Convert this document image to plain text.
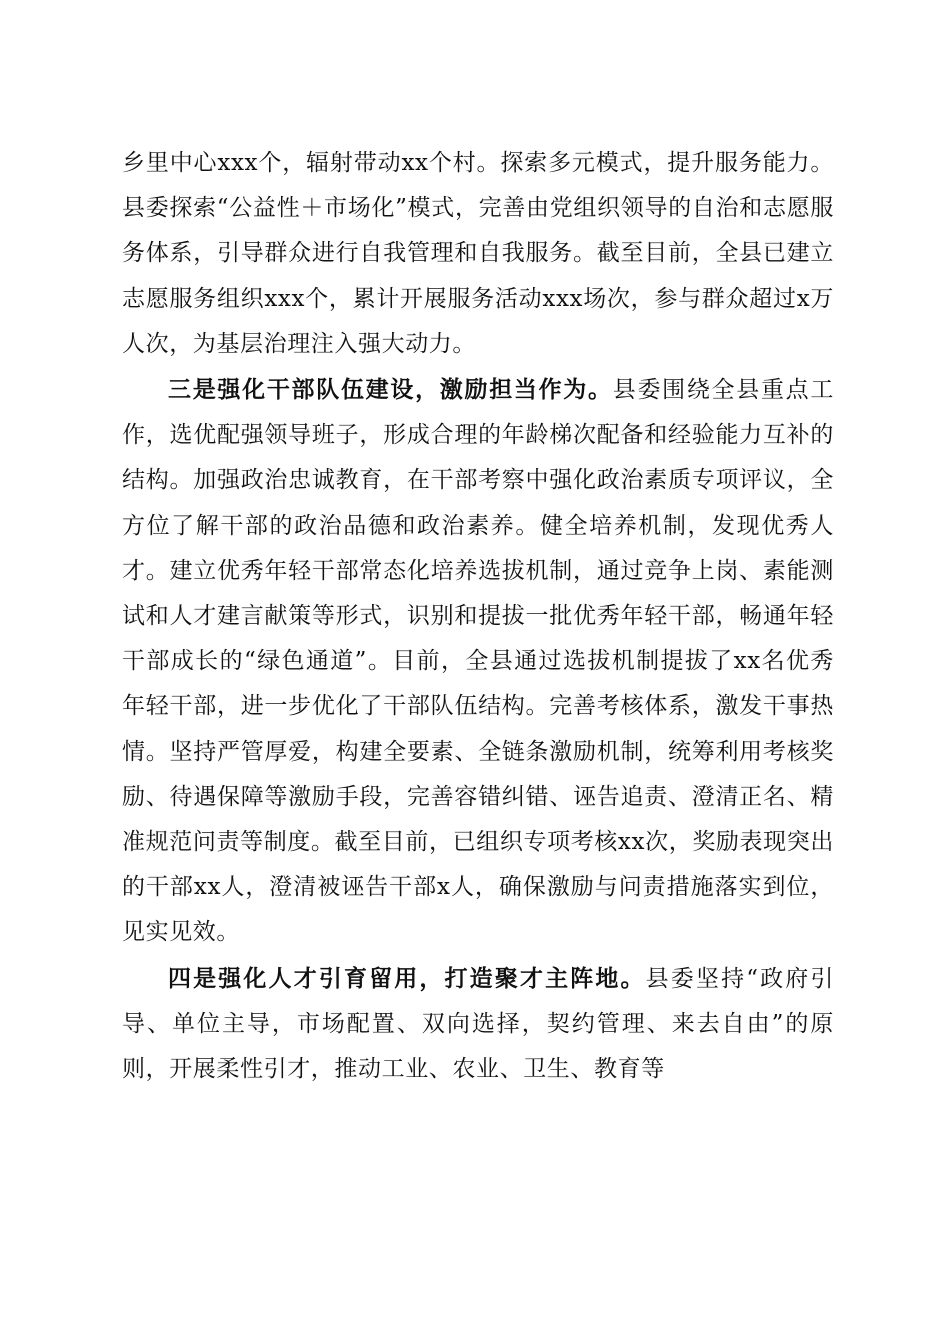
乡里中心xxx个，辐射带动xx个村。探索多元模式，提升服务能力。县委探索“公益性＋市场化”模式，完善由党组织领导的自治和志愿服务体系，引导群众进行自我管理和自我服务。截至目前，全县已建立志愿服务组织xxx个，累计开展服务活动xxx场次，参与群众超过x万人次，为基层治理注入强大动力。

三是强化干部队伍建设，激励担当作为。县委围绕全县重点工作，选优配强领导班子，形成合理的年龄梯次配备和经验能力互补的结构。加强政治忠诚教育，在干部考察中强化政治素质专项评议，全方位了解干部的政治品德和政治素养。健全培养机制，发现优秀人才。建立优秀年轻干部常态化培养选拔机制，通过竞争上岗、素能测试和人才建言献策等形式，识别和提拔一批优秀年轻干部，畅通年轻干部成长的“绿色通道”。目前，全县通过选拔机制提拔了xx名优秀年轻干部，进一步优化了干部队伍结构。完善考核体系，激发干事热情。坚持严管厚爱，构建全要素、全链条激励机制，统筹利用考核奖励、待遇保障等激励手段，完善容错纠错、诬告追责、澄清正名、精准规范问责等制度。截至目前，已组织专项考核xx次，奖励表现突出的干部xx人，澄清被诬告干部x人，确保激励与问责措施落实到位，见实见效。

四是强化人才引育留用，打造聚才主阵地。县委坚持“政府引导、单位主导，市场配置、双向选择，契约管理、来去自由”的原则，开展柔性引才，推动工业、农业、卫生、教育等
